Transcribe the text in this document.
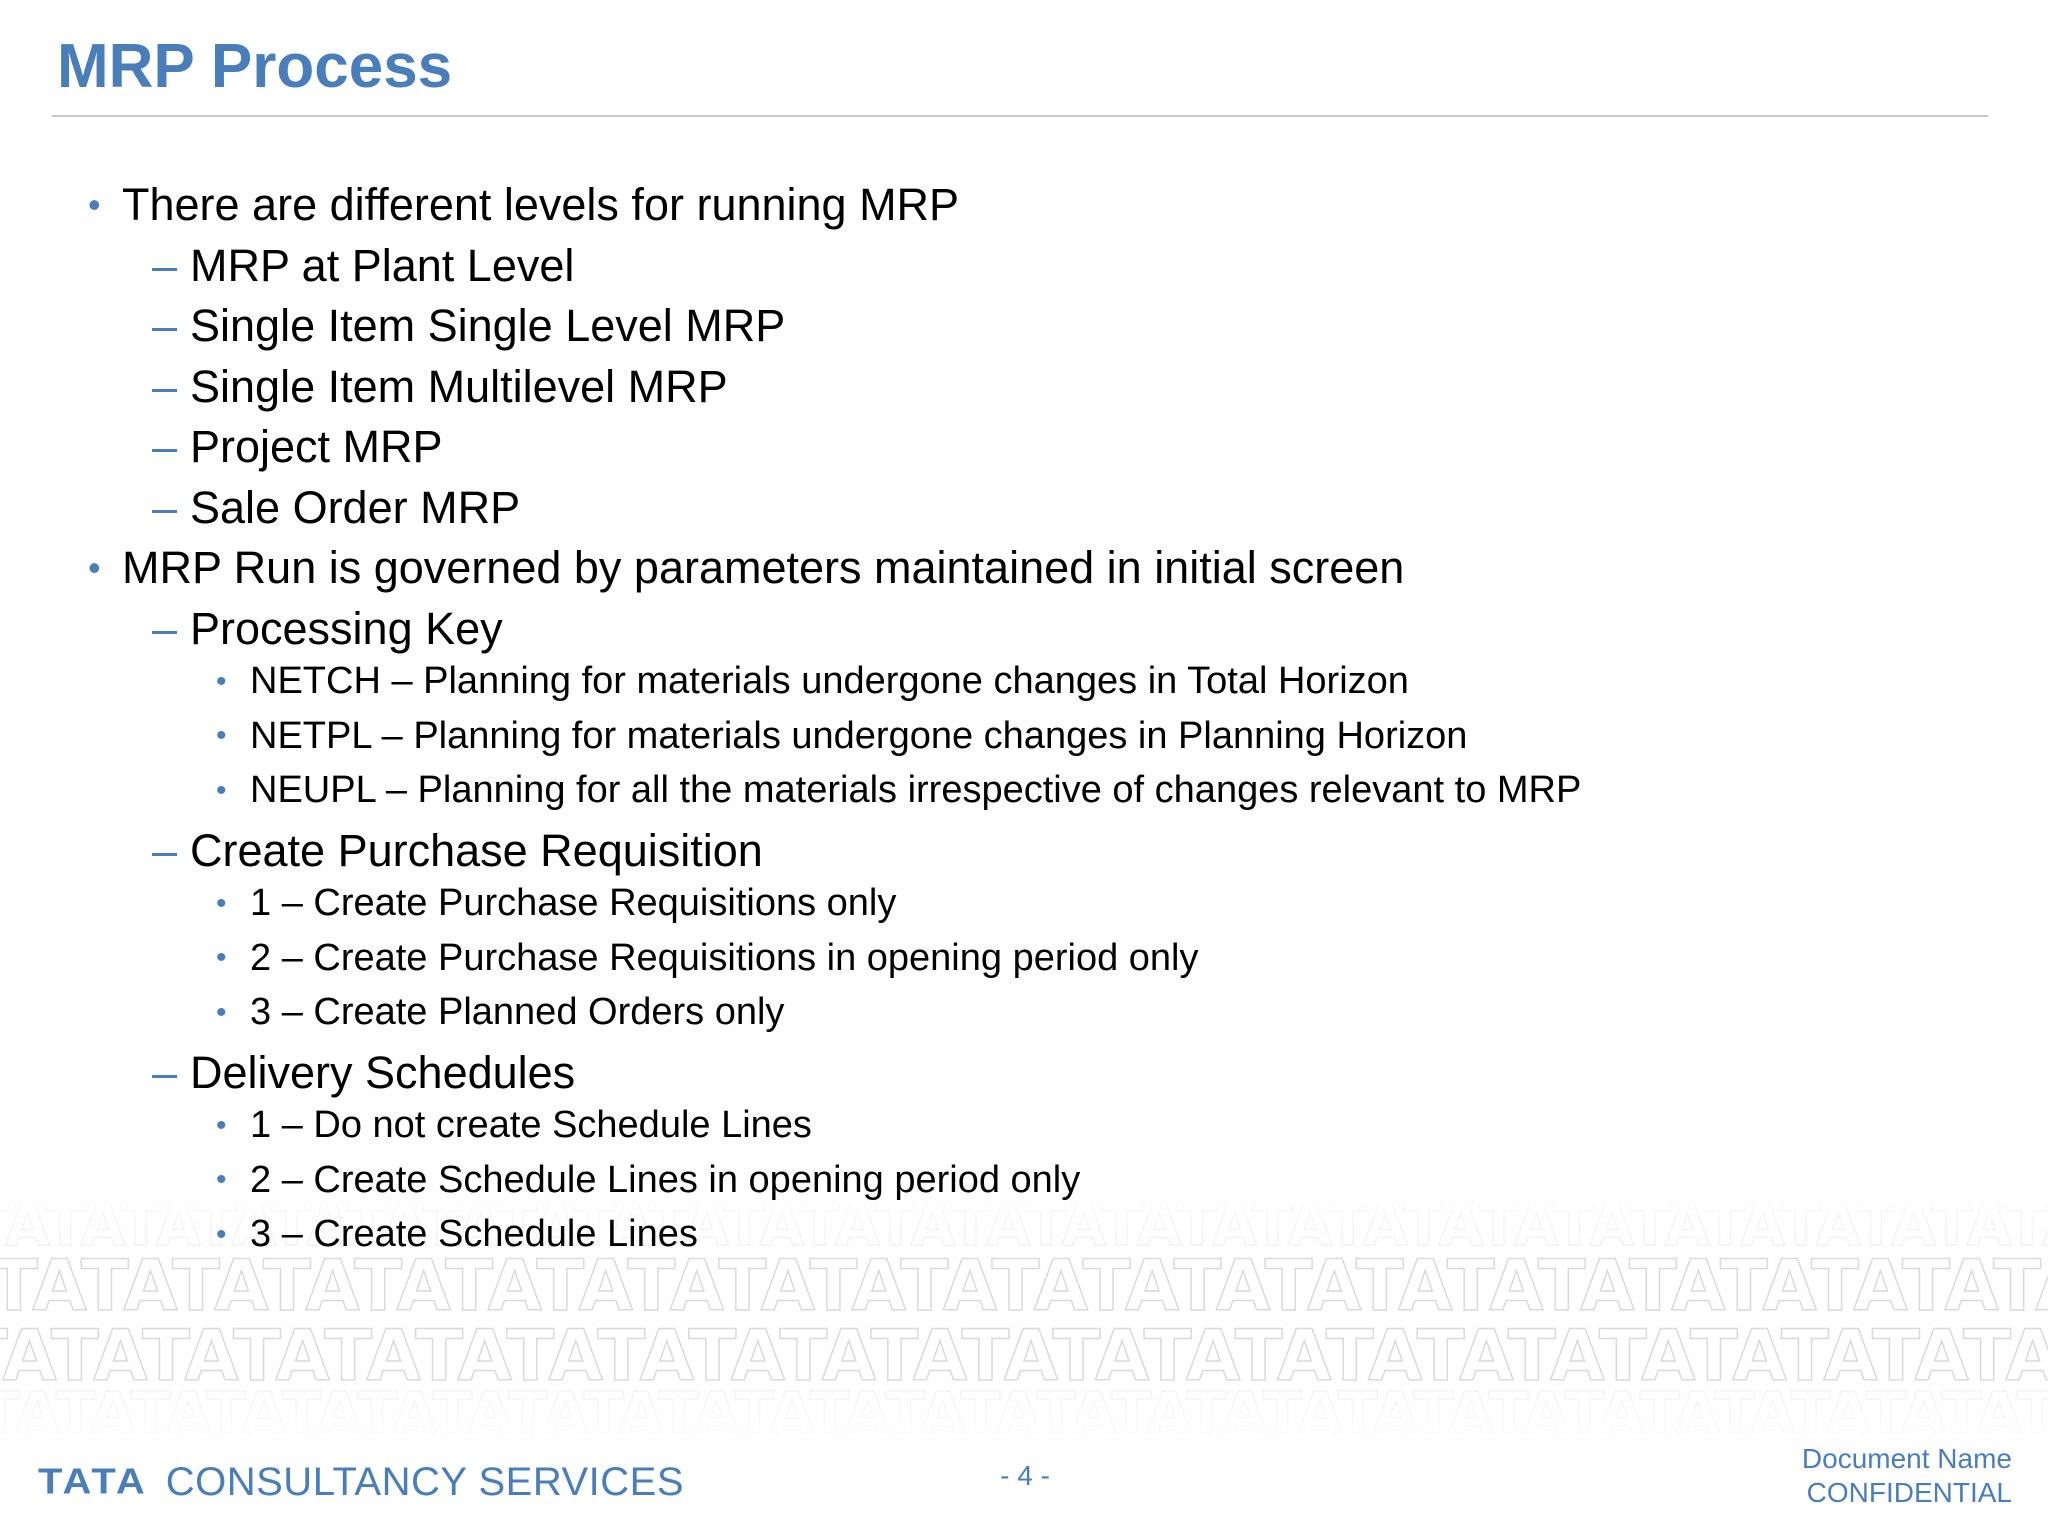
MRP Process
• There are different levels for running MRP
– MRP at Plant Level
– Single Item Single Level MRP
– Single Item Multilevel MRP
– Project MRP
– Sale Order MRP
• MRP Run is governed by parameters maintained in initial screen
– Processing Key
• NETCH – Planning for materials undergone changes in Total Horizon
• NETPL – Planning for materials undergone changes in Planning Horizon
• NEUPL – Planning for all the materials irrespective of changes relevant to MRP
– Create Purchase Requisition
• 1 – Create Purchase Requisitions only
• 2 – Create Purchase Requisitions in opening period only
• 3 – Create Planned Orders only
– Delivery Schedules
• 1 – Do not create Schedule Lines
• 2 – Create Schedule Lines in opening period only
• 3 – Create Schedule Lines
TATA CONSULTANCY SERVICES	- 4 -
Document Name
CONFIDENTIAL
